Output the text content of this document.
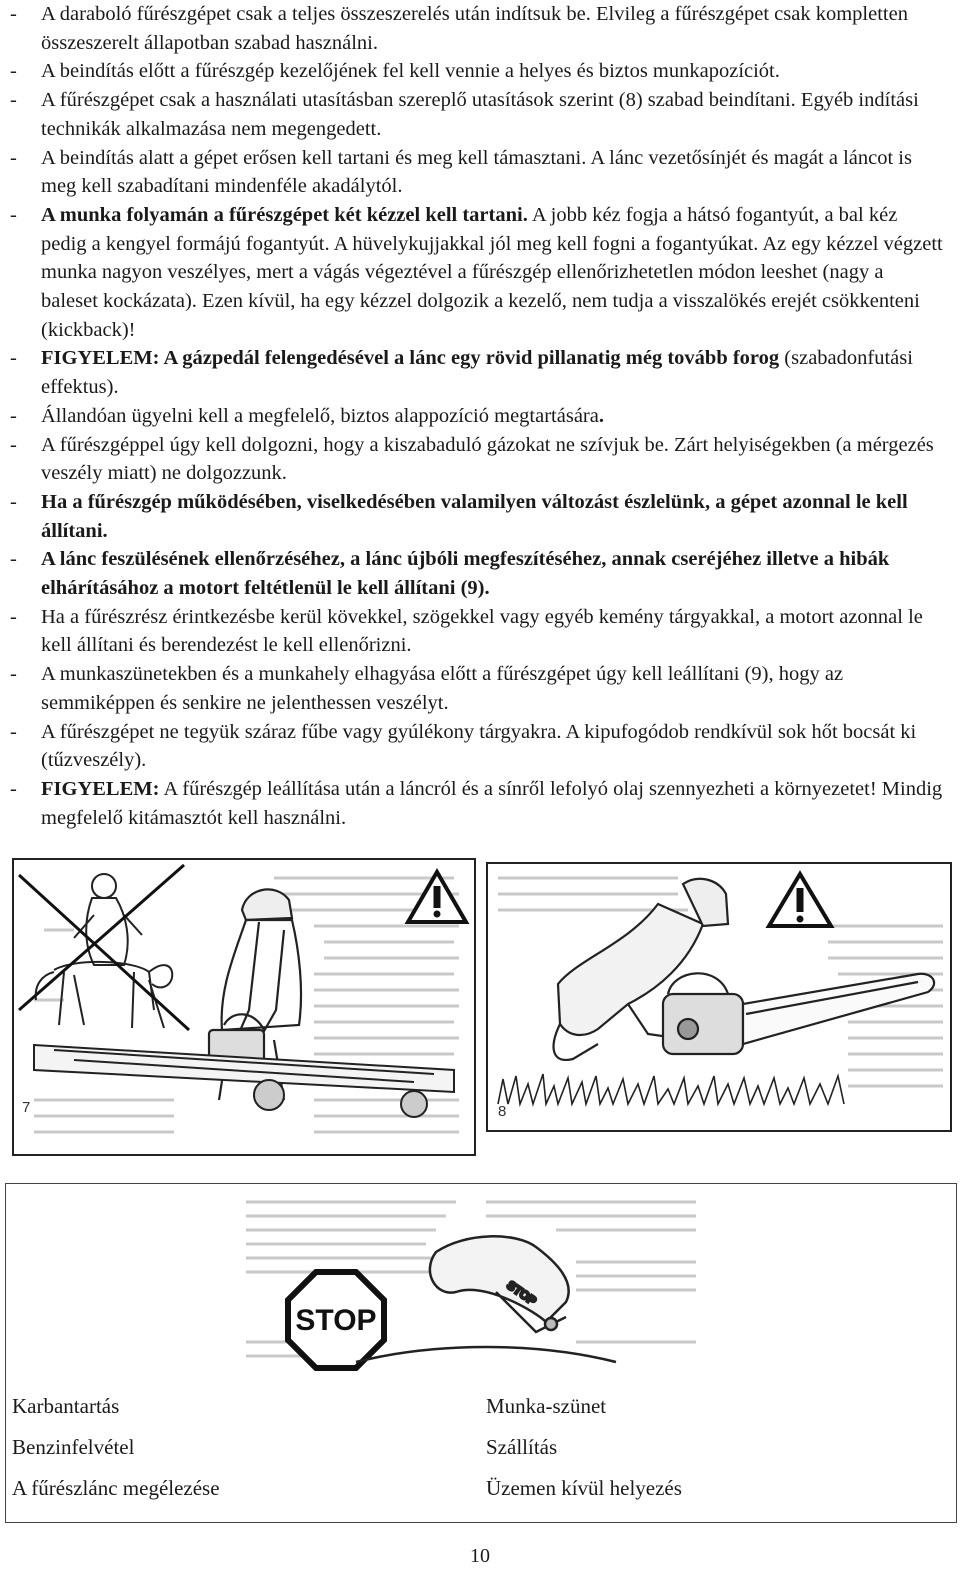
- A daraboló fűrészgépet csak a teljes összeszerelés után indítsuk be. Elvileg a fűrészgépet csak kompletten összeszerelt állapotban szabad használni.
- A beindítás előtt a fűrészgép kezelőjének fel kell vennie a helyes és biztos munkapozíciót.
- A fűrészgépet csak a használati utasításban szereplő utasítások szerint (8) szabad beindítani. Egyéb indítási technikák alkalmazása nem megengedett.
- A beindítás alatt a gépet erősen kell tartani és meg kell támasztani. A lánc vezetősínjét és magát a láncot is meg kell szabadítani mindenféle akadálytól.
- A munka folyamán a fűrészgépet két kézzel kell tartani. A jobb kéz fogja a hátsó fogantyút, a bal kéz pedig a kengyel formájú fogantyút. A hüvelykujjakkal jól meg kell fogni a fogantyúkat. Az egy kézzel végzett munka nagyon veszélyes, mert a vágás végeztével a fűrészgép ellenőrizhetetlen módon leeshet (nagy a baleset kockázata). Ezen kívül, ha egy kézzel dolgozik a kezelő, nem tudja a visszalökés erejét csökkenteni (kickback)!
- FIGYELEM: A gázpedál felengedésével a lánc egy rövid pillanatig még tovább forog (szabadonfutási effektus).
- Állandóan ügyelni kell a megfelelő, biztos alappozíció megtartására.
- A fűrészgéppel úgy kell dolgozni, hogy a kiszabaduló gázokat ne szívjuk be. Zárt helyiségekben (a mérgezés veszély miatt) ne dolgozzunk.
- Ha a fűrészgép működésében, viselkedésében valamilyen változást észlelünk, a gépet azonnal le kell állítani.
- A lánc feszülésének ellenőrzéséhez, a lánc újbóli megfeszítéséhez, annak cseréjéhez illetve a hibák elhárításához a motort feltétlenül le kell állítani (9).
- Ha a fűrészrész érintkezésbe kerül kövekkel, szögekkel vagy egyéb kemény tárgyakkal, a motort azonnal le kell állítani és berendezést le kell ellenőrizni.
- A munkaszünetekben és a munkahely elhagyása előtt a fűrészgépet úgy kell leállítani (9), hogy az semmiképpen és senkire ne jelenthessen veszélyt.
- A fűrészgépet ne tegyük száraz fűbe vagy gyúlékony tárgyakra. A kipufogódob rendkívül sok hőt bocsát ki (tűzveszély).
- FIGYELEM: A fűrészgép leállítása után a láncról és a sínről lefolyó olaj szennyezheti a környezetet! Mindig megfelelő kitámasztót kell használni.
7	8
STOP
STOP
Karbantartás
Benzinfelvétel
A fűrészlánc megélezése
Munka-szünet
Szállítás
Üzemen kívül helyezés
10
